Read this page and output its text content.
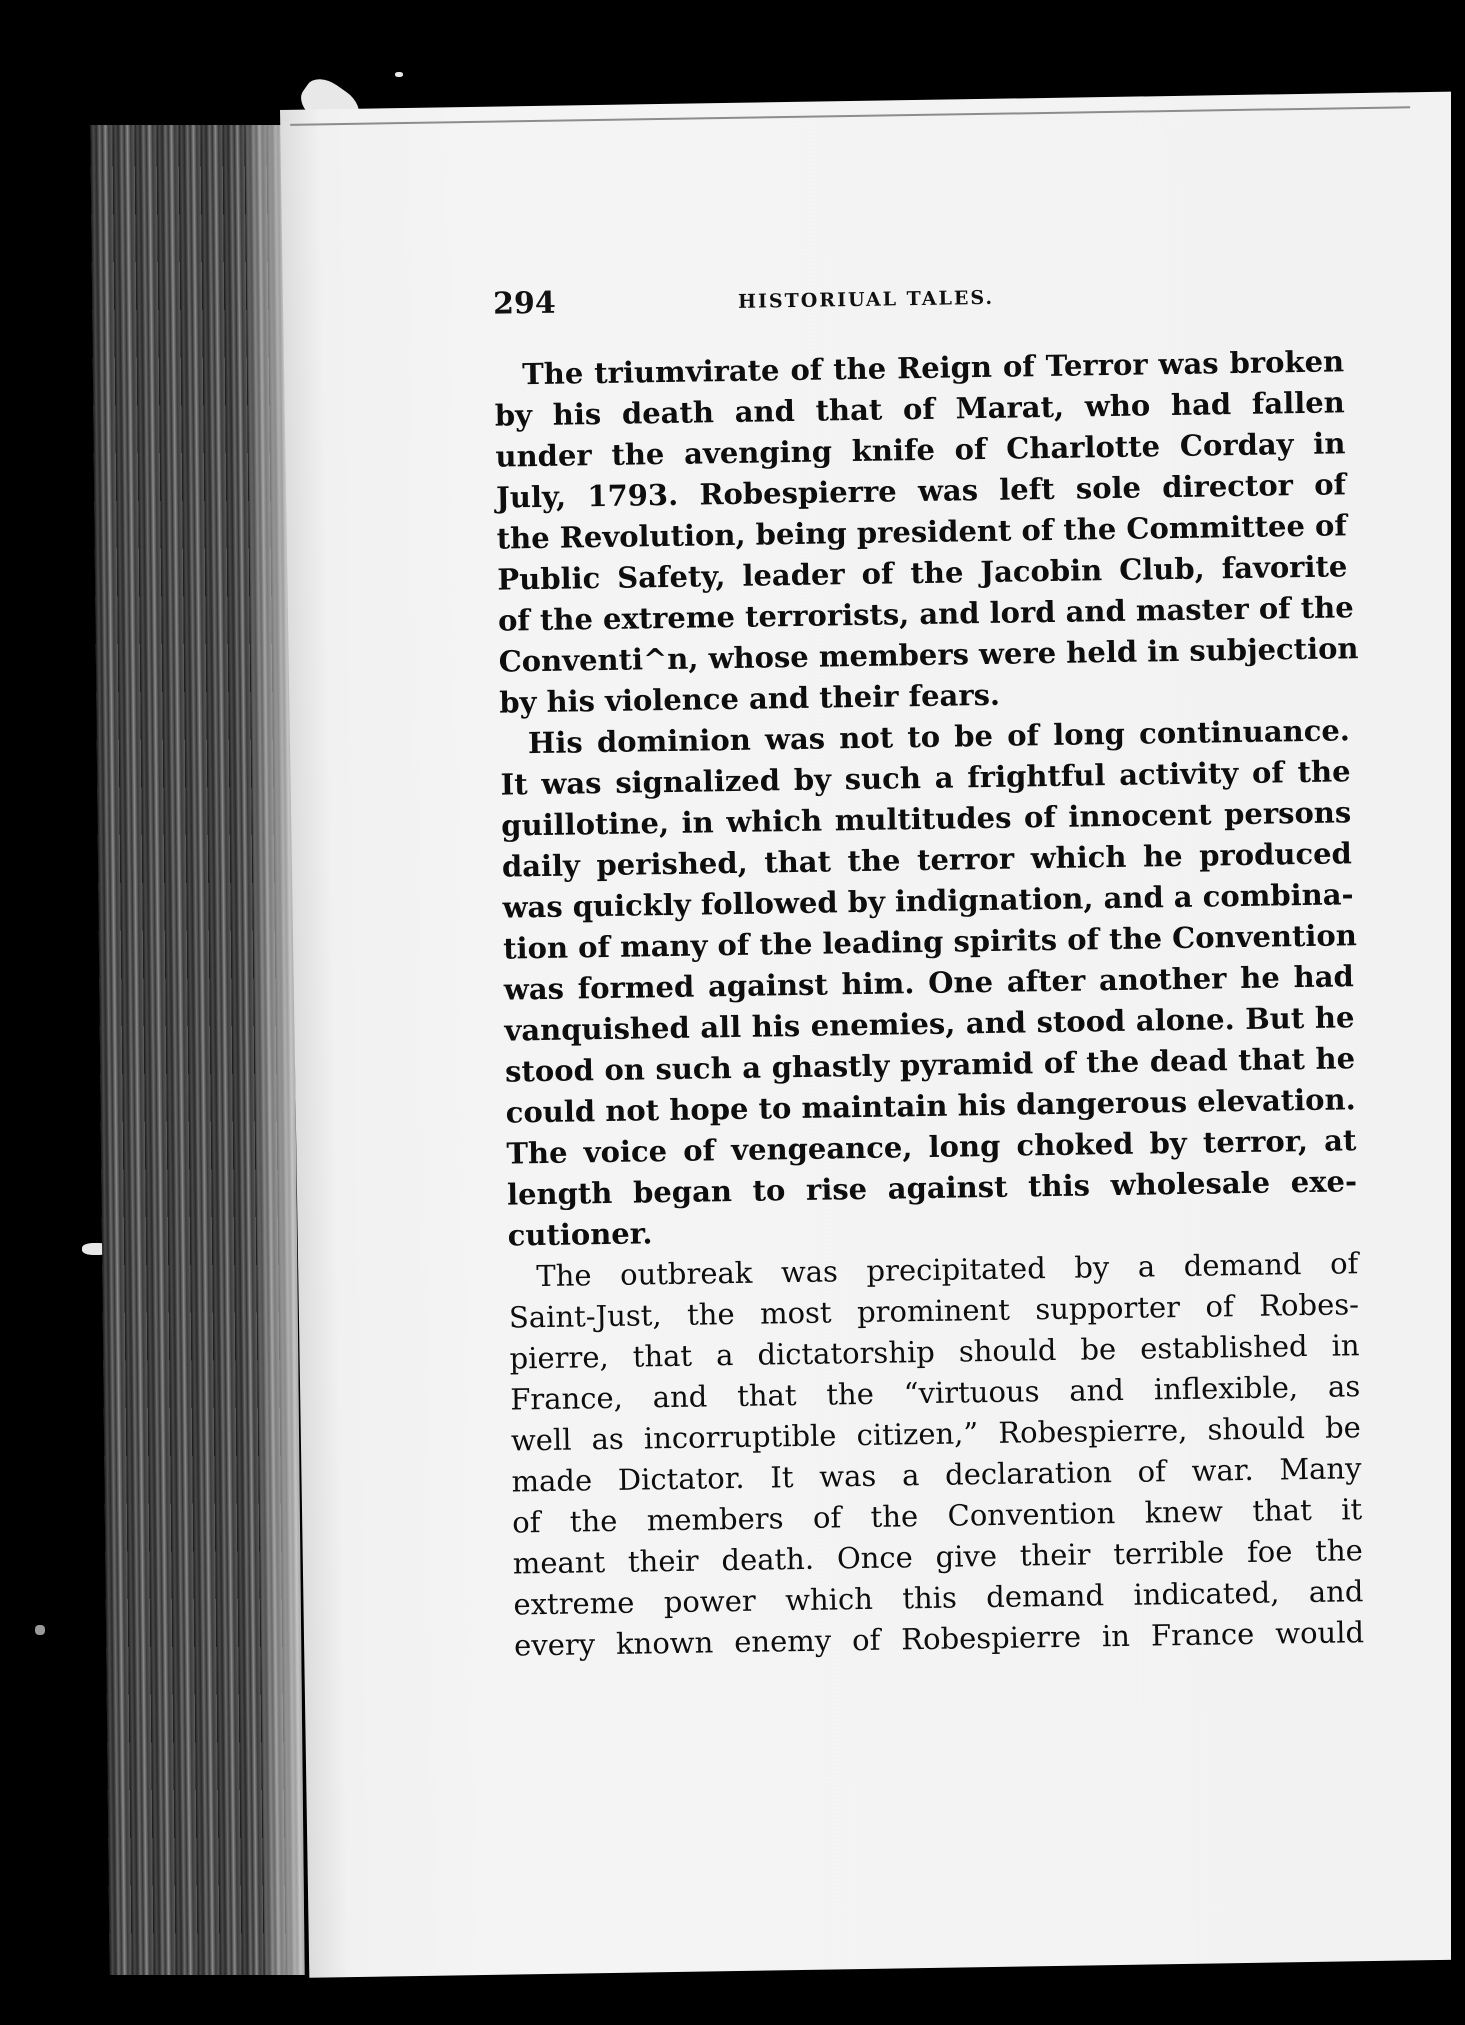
294	HISTORIUAL TALES.
The triumvirate of the Reign of Terror was broken
by his death and that of Marat, who had fallen
under the avenging knife of Charlotte Corday in
July, 1793. Robespierre was left sole director of
the Revolution, being president of the Committee of
Public Safety, leader of the Jacobin Club, favorite
of the extreme terrorists, and lord and master of the
Conventi^n, whose members were held in subjection
by his violence and their fears.
His dominion was not to be of long continuance.
It was signalized by such a frightful activity of the
guillotine, in which multitudes of innocent persons
daily perished, that the terror which he produced
was quickly followed by indignation, and a combina-
tion of many of the leading spirits of the Convention
was formed against him. One after another he had
vanquished all his enemies, and stood alone. But he
stood on such a ghastly pyramid of the dead that he
could not hope to maintain his dangerous elevation.
The voice of vengeance, long choked by terror, at
length began to rise against this wholesale exe-
cutioner.
The outbreak was precipitated by a demand of
Saint-Just, the most prominent supporter of Robes-
pierre, that a dictatorship should be established in
France, and that the “virtuous and inflexible, as
well as incorruptible citizen,” Robespierre, should be
made Dictator. It was a declaration of war. Many
of the members of the Convention knew that it
meant their death. Once give their terrible foe the
extreme power which this demand indicated, and
every known enemy of Robespierre in France would
